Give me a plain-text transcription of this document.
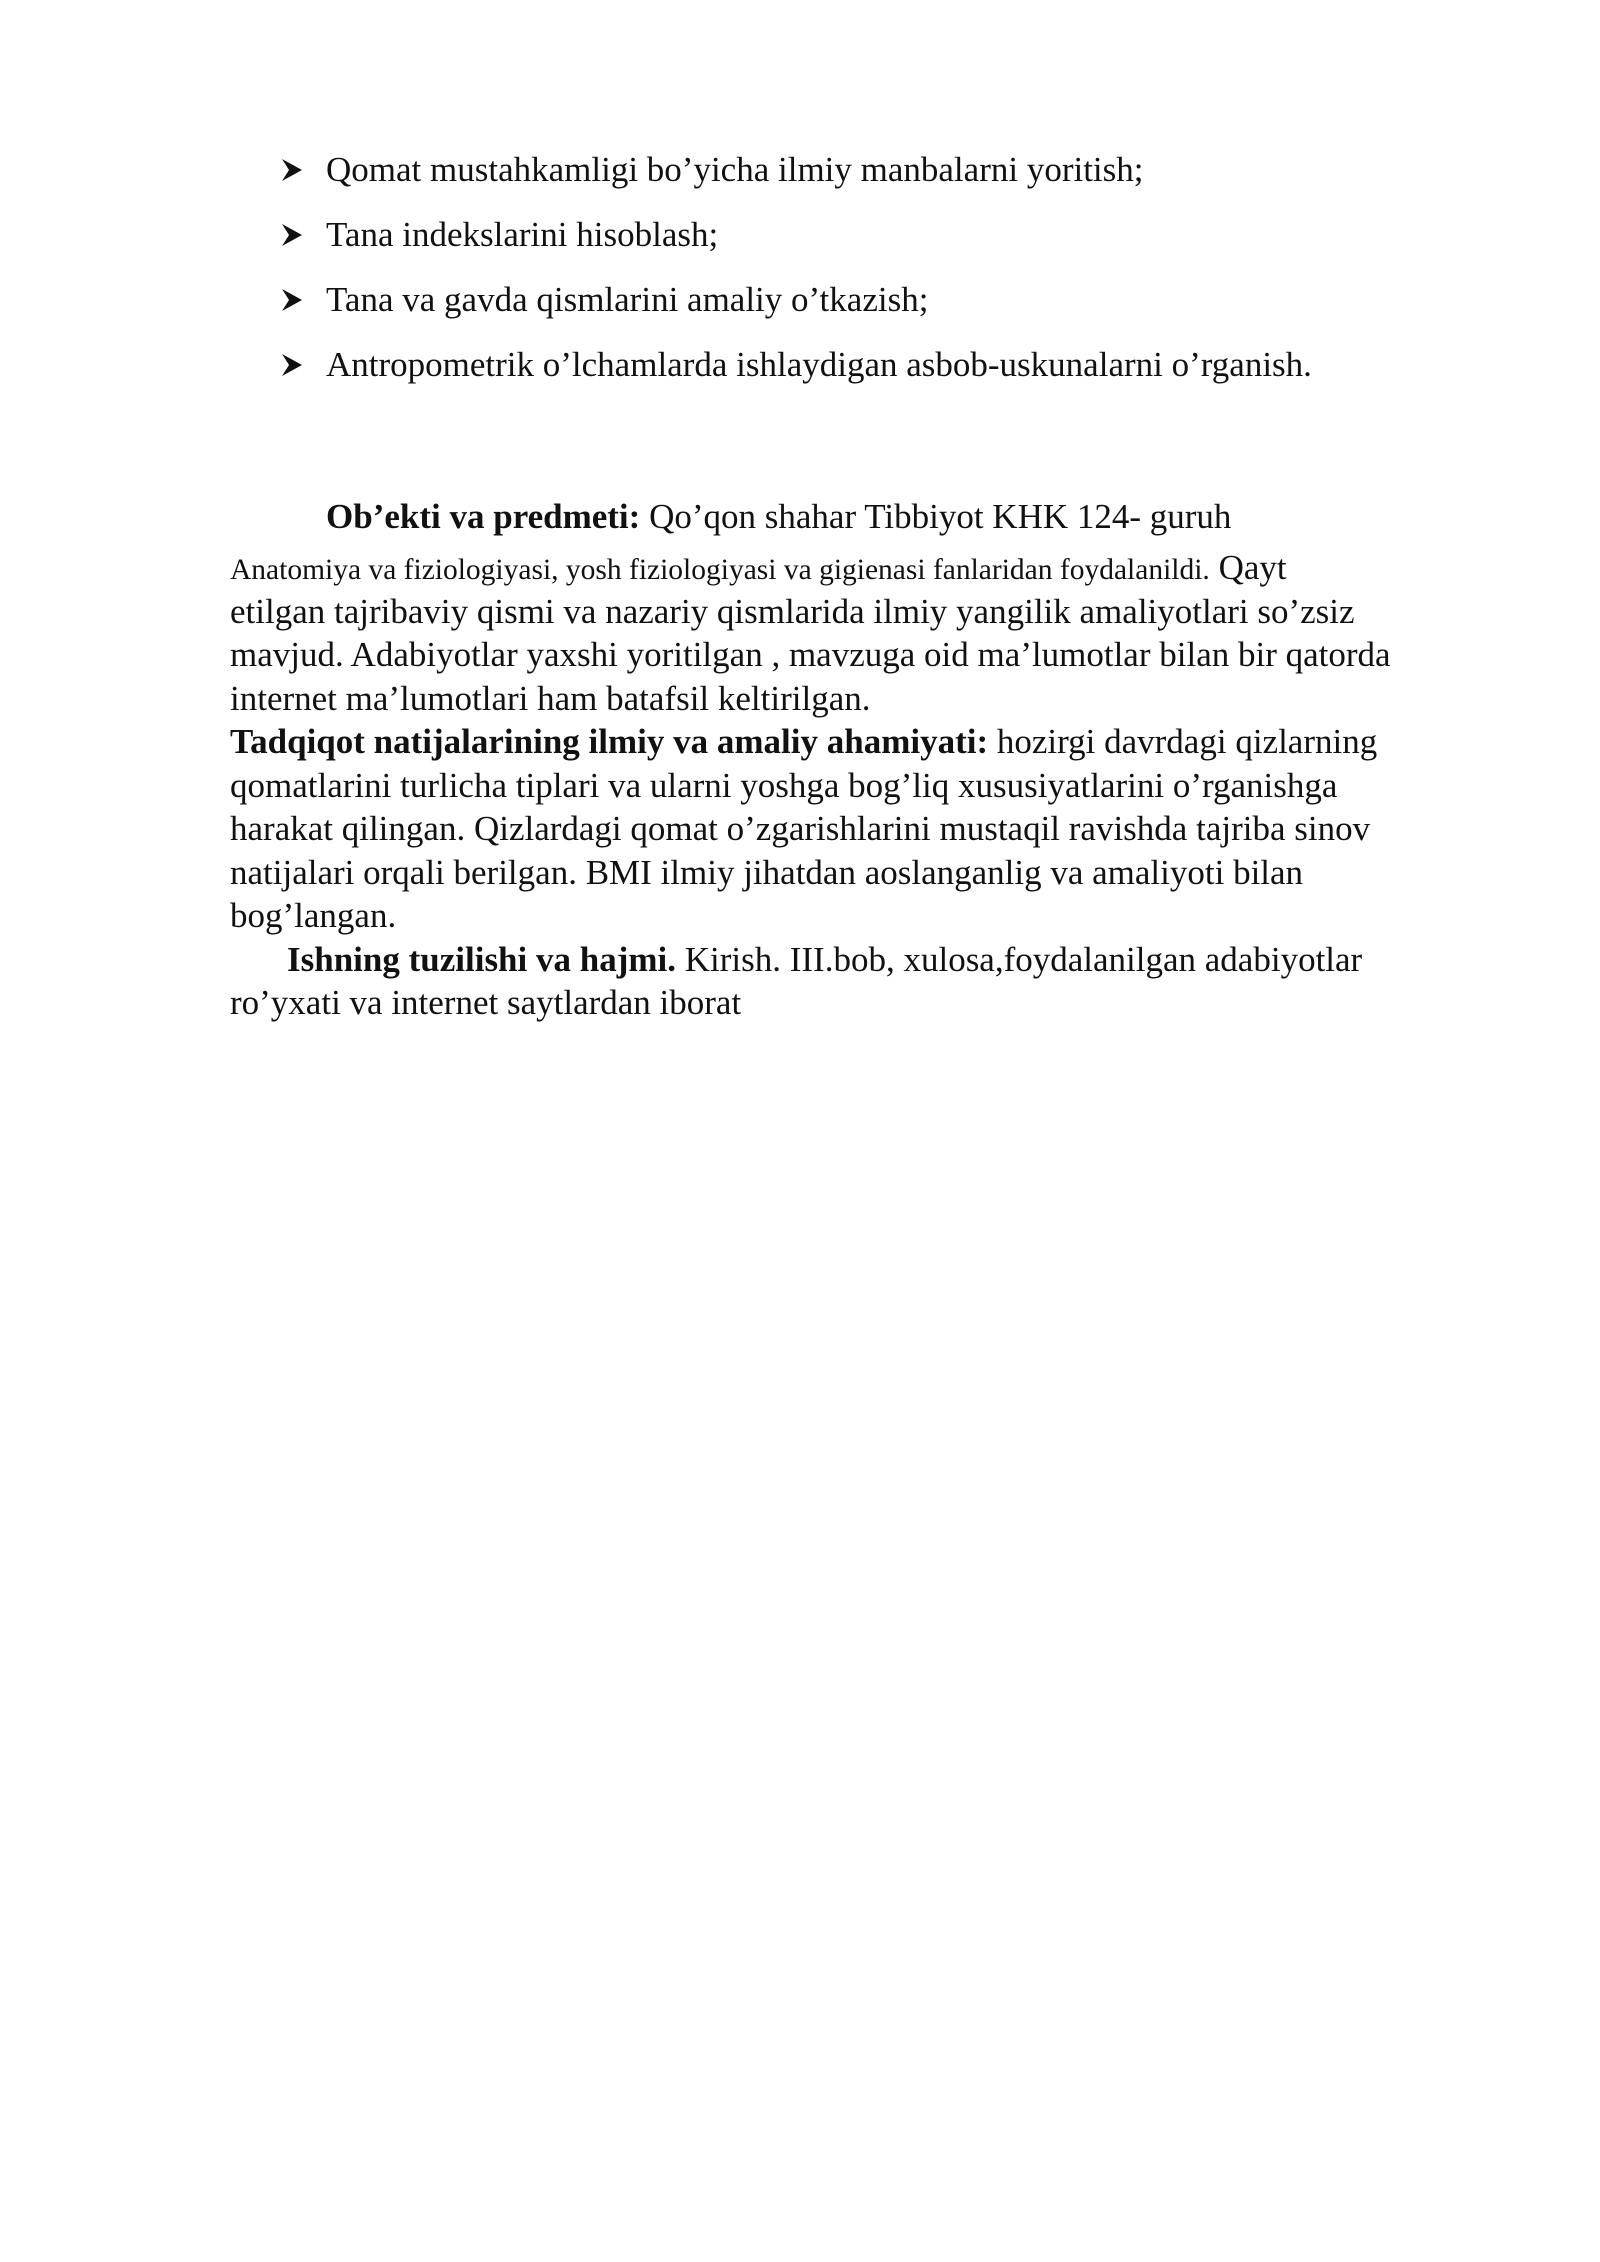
Qomat mustahkamligi bo’yicha ilmiy manbalarni yoritish;
Tana indekslarini hisoblash;
Tana va gavda qismlarini amaliy o’tkazish;
Antropometrik o’lchamlarda ishlaydigan asbob-uskunalarni o’rganish.
Ob’ekti va predmeti: Qo’qon shahar Tibbiyot KHK 124- guruh
Anatomiya va fiziologiyasi, yosh fiziologiyasi va gigienasi fanlaridan foydalanildi. Qayt
etilgan tajribaviy qismi va nazariy qismlarida ilmiy yangilik amaliyotlari so’zsiz
mavjud. Adabiyotlar yaxshi yoritilgan , mavzuga oid ma’lumotlar bilan bir qatorda
internet ma’lumotlari ham batafsil keltirilgan.
Tadqiqot natijalarining ilmiy va amaliy ahamiyati: hozirgi davrdagi qizlarning
qomatlarini turlicha tiplari va ularni yoshga bog’liq xususiyatlarini o’rganishga
harakat qilingan. Qizlardagi qomat o’zgarishlarini mustaqil ravishda tajriba sinov
natijalari orqali berilgan. BMI ilmiy jihatdan aoslanganlig va amaliyoti bilan
bog’langan.
Ishning tuzilishi va hajmi. Kirish. III.bob, xulosa,foydalanilgan adabiyotlar
ro’yxati va internet saytlardan iborat
